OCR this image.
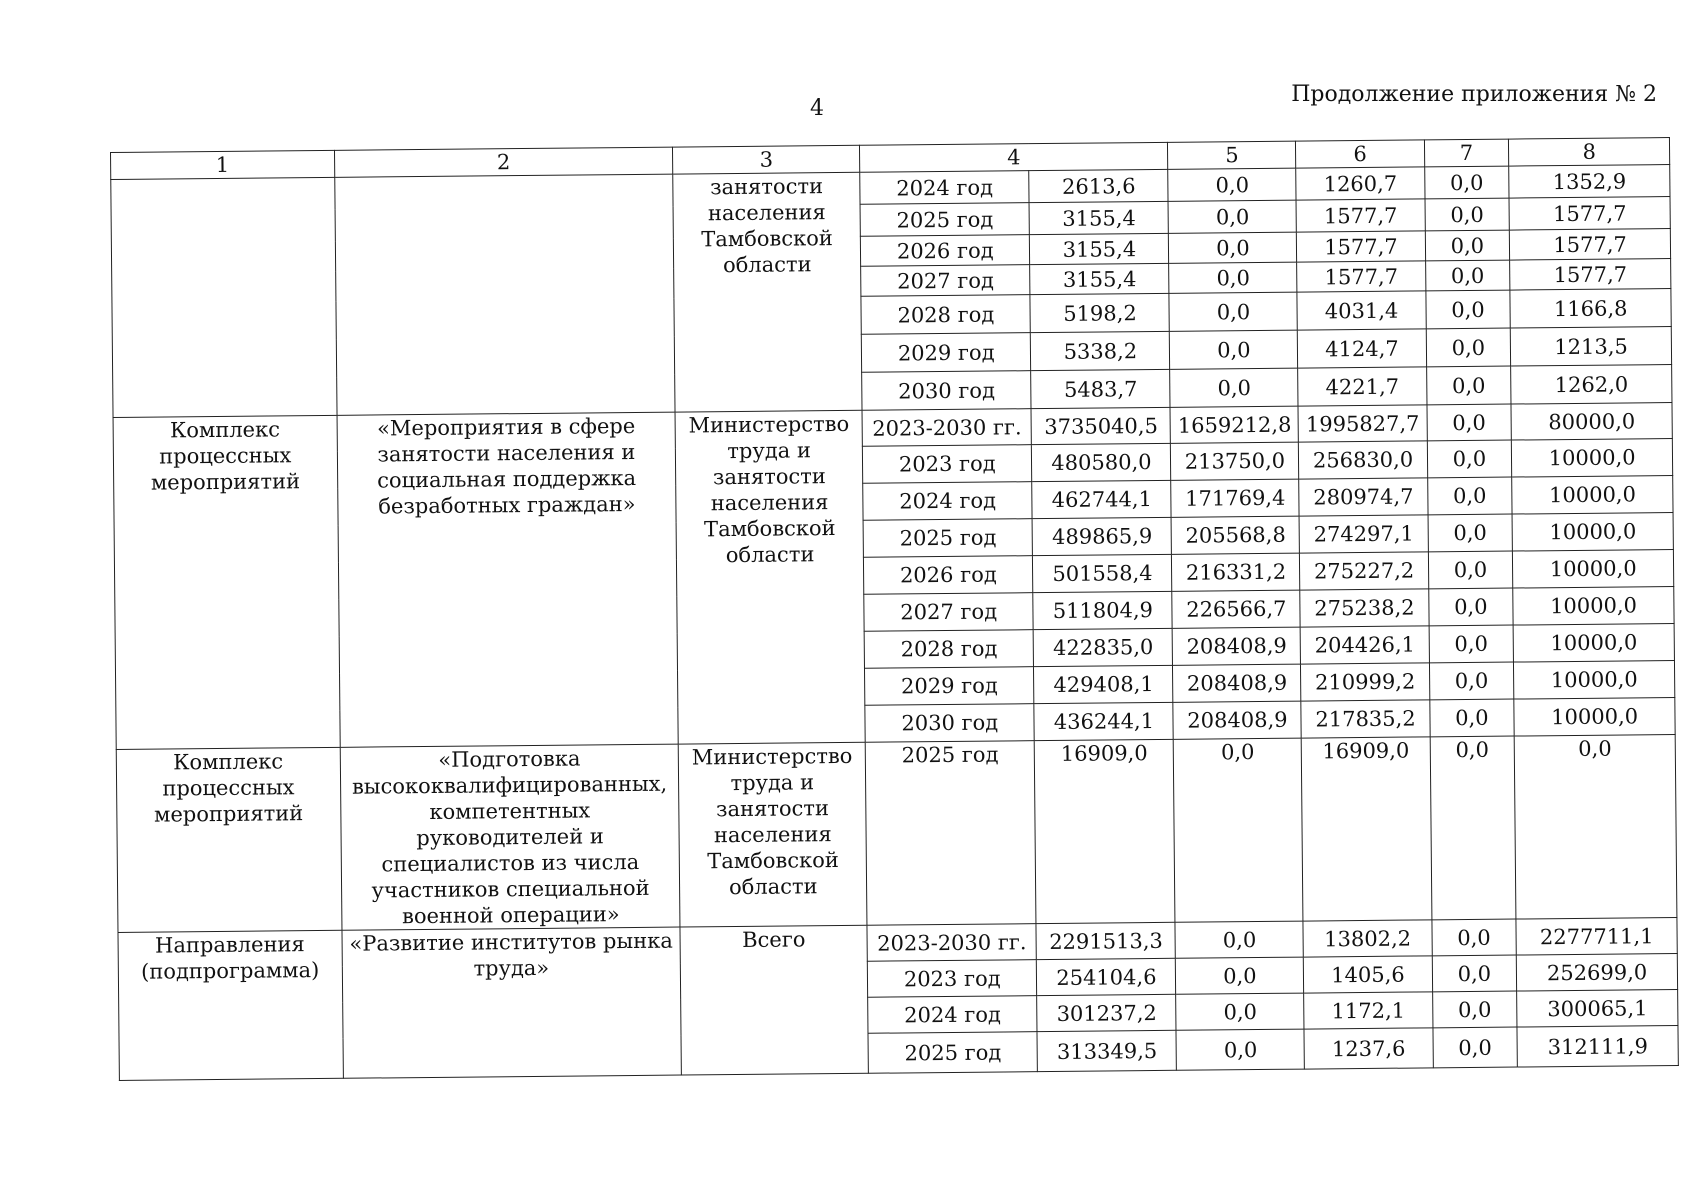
4
Продолжение приложения № 2
1	2	3	4		5	6	7	8
		занятости населения Тамбовской области	2024 год	2613,6	0,0	1260,7	0,0	1352,9
			2025 год	3155,4	0,0	1577,7	0,0	1577,7
			2026 год	3155,4	0,0	1577,7	0,0	1577,7
			2027 год	3155,4	0,0	1577,7	0,0	1577,7
			2028 год	5198,2	0,0	4031,4	0,0	1166,8
			2029 год	5338,2	0,0	4124,7	0,0	1213,5
			2030 год	5483,7	0,0	4221,7	0,0	1262,0
Комплекс процессных мероприятий	«Мероприятия в сфере занятости населения и социальная поддержка безработных граждан»	Министерство труда и занятости населения Тамбовской области	2023-2030 гг.	3735040,5	1659212,8	1995827,7	0,0	80000,0
			2023 год	480580,0	213750,0	256830,0	0,0	10000,0
			2024 год	462744,1	171769,4	280974,7	0,0	10000,0
			2025 год	489865,9	205568,8	274297,1	0,0	10000,0
			2026 год	501558,4	216331,2	275227,2	0,0	10000,0
			2027 год	511804,9	226566,7	275238,2	0,0	10000,0
			2028 год	422835,0	208408,9	204426,1	0,0	10000,0
			2029 год	429408,1	208408,9	210999,2	0,0	10000,0
			2030 год	436244,1	208408,9	217835,2	0,0	10000,0
Комплекс процессных мероприятий	«Подготовка высококвалифицированных, компетентных руководителей и специалистов из числа участников специальной военной операции»	Министерство труда и занятости населения Тамбовской области	2025 год	16909,0	0,0	16909,0	0,0	0,0
Направления (подпрограмма)	«Развитие институтов рынка труда»	Всего	2023-2030 гг.	2291513,3	0,0	13802,2	0,0	2277711,1
			2023 год	254104,6	0,0	1405,6	0,0	252699,0
			2024 год	301237,2	0,0	1172,1	0,0	300065,1
			2025 год	313349,5	0,0	1237,6	0,0	312111,9
